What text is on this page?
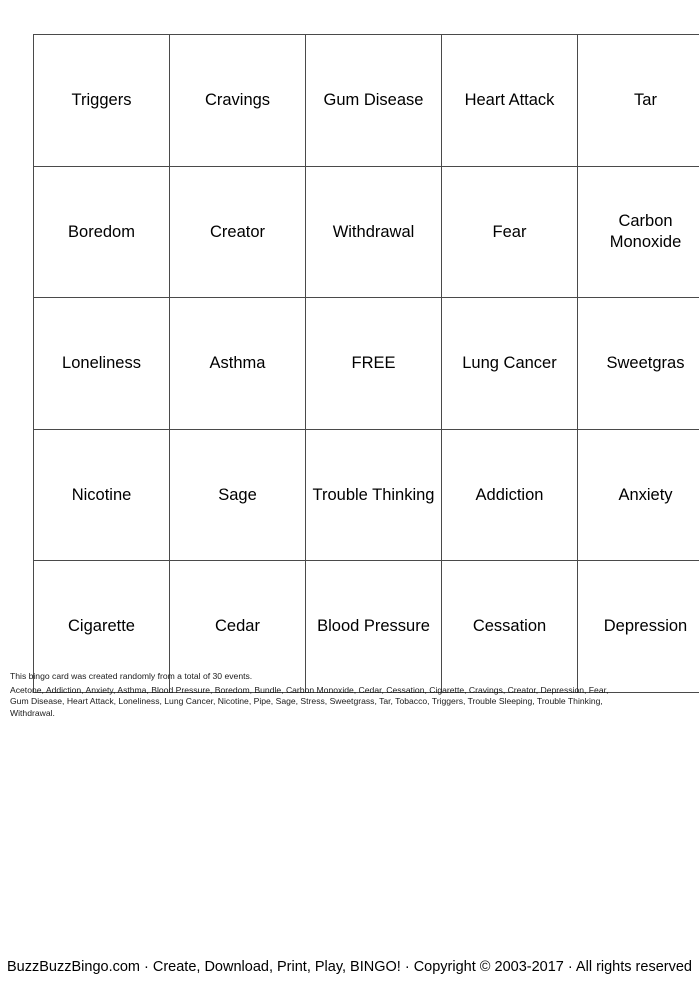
Triggers	Cravings	Gum Disease	Heart Attack	Tar
Boredom	Creator	Withdrawal	Fear	Carbon Monoxide
Loneliness	Asthma	FREE	Lung Cancer	Sweetgras
Nicotine	Sage	Trouble Thinking	Addiction	Anxiety
Cigarette	Cedar	Blood Pressure	Cessation	Depression
This bingo card was created randomly from a total of 30 events.
Acetone, Addiction, Anxiety, Asthma, Blood Pressure, Boredom, Bundle, Carbon Monoxide, Cedar, Cessation, Cigarette, Cravings, Creator, Depression, Fear,
Gum Disease, Heart Attack, Loneliness, Lung Cancer, Nicotine, Pipe, Sage, Stress, Sweetgrass, Tar, Tobacco, Triggers, Trouble Sleeping, Trouble Thinking,
Withdrawal.
BuzzBuzzBingo.com · Create, Download, Print, Play, BINGO! · Copyright © 2003-2017 · All rights reserved
